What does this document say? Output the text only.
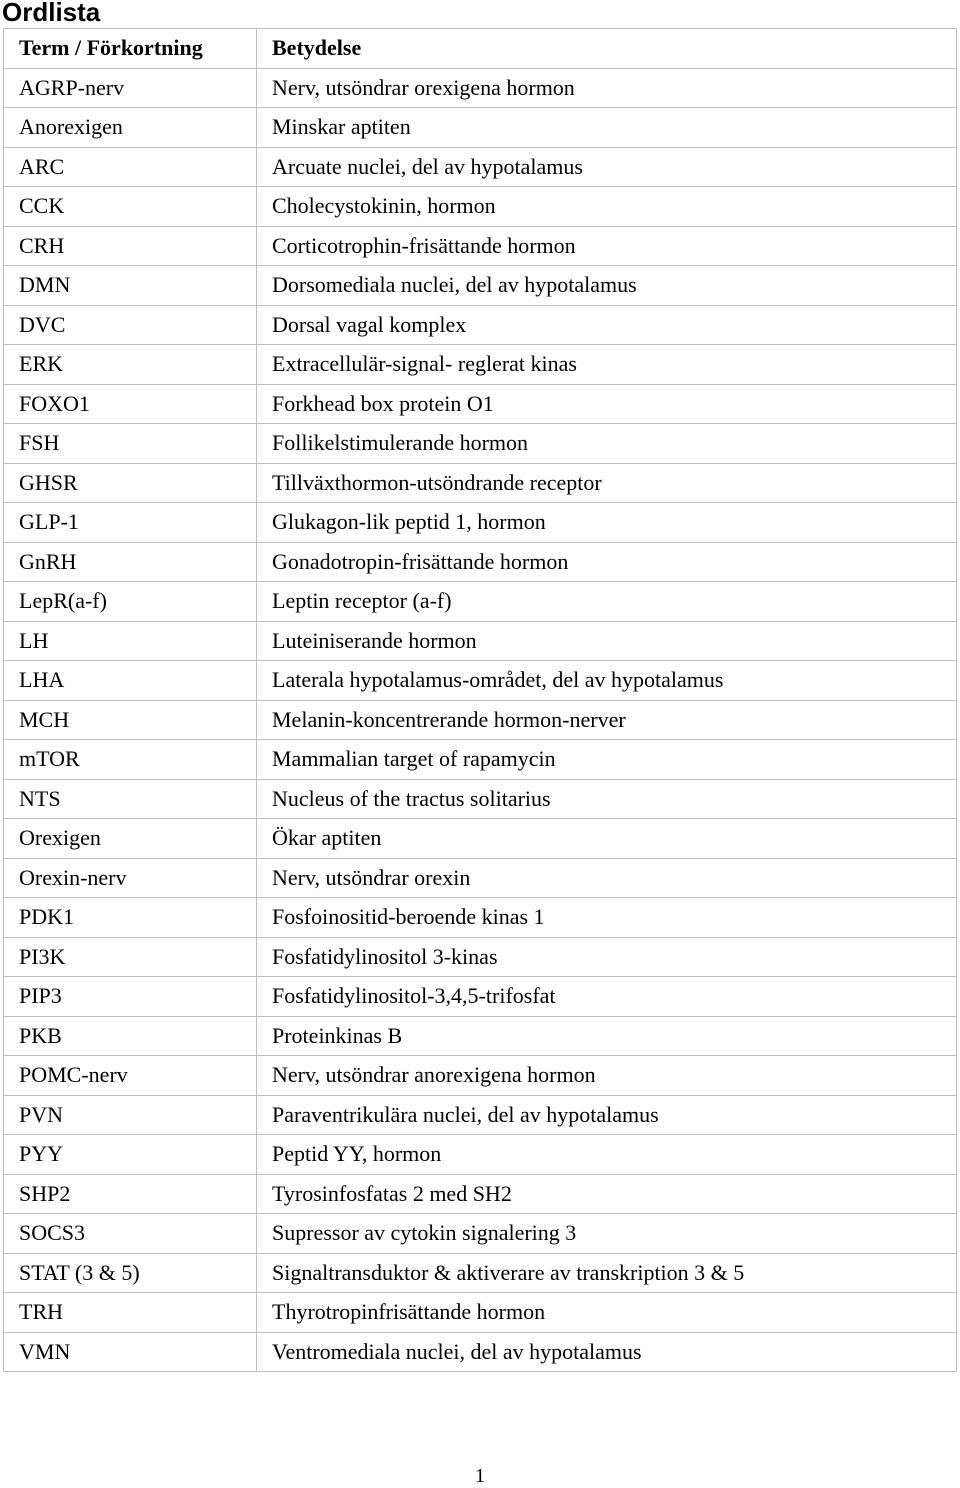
Ordlista
Term / Förkortning	Betydelse
AGRP-nerv	Nerv, utsöndrar orexigena hormon
Anorexigen	Minskar aptiten
ARC	Arcuate nuclei, del av hypotalamus
CCK	Cholecystokinin, hormon
CRH	Corticotrophin-frisättande hormon
DMN	Dorsomediala nuclei, del av hypotalamus
DVC	Dorsal vagal komplex
ERK	Extracellulär-signal- reglerat kinas
FOXO1	Forkhead box protein O1
FSH	Follikelstimulerande hormon
GHSR	Tillväxthormon-utsöndrande receptor
GLP-1	Glukagon-lik peptid 1, hormon
GnRH	Gonadotropin-frisättande hormon
LepR(a-f)	Leptin receptor (a-f)
LH	Luteiniserande hormon
LHA	Laterala hypotalamus-området, del av hypotalamus
MCH	Melanin-koncentrerande hormon-nerver
mTOR	Mammalian target of rapamycin
NTS	Nucleus of the tractus solitarius
Orexigen	Ökar aptiten
Orexin-nerv	Nerv, utsöndrar orexin
PDK1	Fosfoinositid-beroende kinas 1
PI3K	Fosfatidylinositol 3-kinas
PIP3	Fosfatidylinositol-3,4,5-trifosfat
PKB	Proteinkinas B
POMC-nerv	Nerv, utsöndrar anorexigena hormon
PVN	Paraventrikulära nuclei, del av hypotalamus
PYY	Peptid YY, hormon
SHP2	Tyrosinfosfatas 2 med SH2
SOCS3	Supressor av cytokin signalering 3
STAT (3 & 5)	Signaltransduktor & aktiverare av transkription 3 & 5
TRH	Thyrotropinfrisättande hormon
VMN	Ventromediala nuclei, del av hypotalamus
1
